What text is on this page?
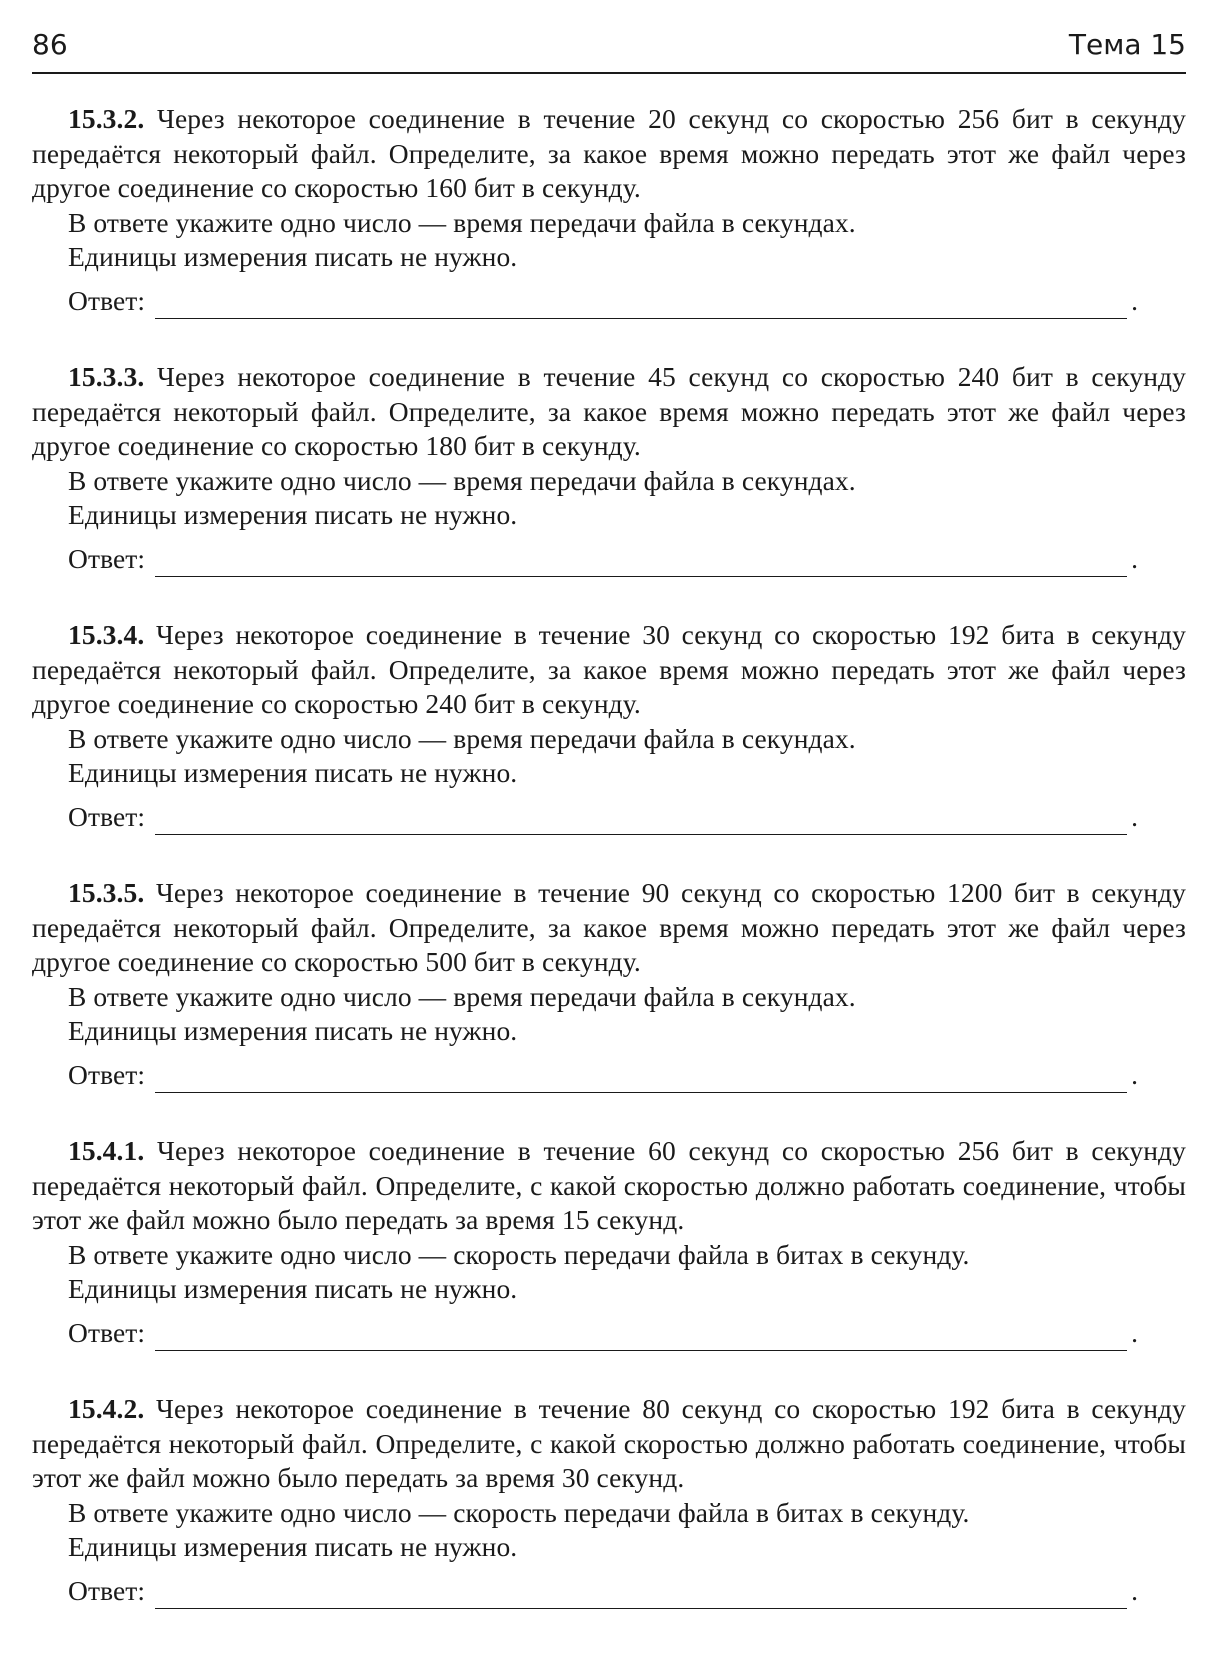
86	Тема 15

15.3.2. Через некоторое соединение в течение 20 секунд со скоростью 256 бит в секунду передаётся некоторый файл. Определите, за какое время можно передать этот же файл через другое соединение со скоростью 160 бит в секунду.

В ответе укажите одно число — время передачи файла в секундах.

Единицы измерения писать не нужно.

Ответ:	.

15.3.3. Через некоторое соединение в течение 45 секунд со скоростью 240 бит в секунду передаётся некоторый файл. Определите, за какое время можно передать этот же файл через другое соединение со скоростью 180 бит в секунду.

В ответе укажите одно число — время передачи файла в секундах.

Единицы измерения писать не нужно.

Ответ:	.

15.3.4. Через некоторое соединение в течение 30 секунд со скоростью 192 бита в секунду передаётся некоторый файл. Определите, за какое время можно передать этот же файл через другое соединение со скоростью 240 бит в секунду.

В ответе укажите одно число — время передачи файла в секундах.

Единицы измерения писать не нужно.

Ответ:	.

15.3.5. Через некоторое соединение в течение 90 секунд со скоростью 1200 бит в секунду передаётся некоторый файл. Определите, за какое время можно передать этот же файл через другое соединение со скоростью 500 бит в секунду.

В ответе укажите одно число — время передачи файла в секундах.

Единицы измерения писать не нужно.

Ответ:	.

15.4.1. Через некоторое соединение в течение 60 секунд со скоростью 256 бит в секунду передаётся некоторый файл. Определите, с какой скоростью должно работать соединение, чтобы этот же файл можно было передать за время 15 секунд.

В ответе укажите одно число — скорость передачи файла в битах в секунду.

Единицы измерения писать не нужно.

Ответ:	.

15.4.2. Через некоторое соединение в течение 80 секунд со скоростью 192 бита в секунду передаётся некоторый файл. Определите, с какой скоростью должно работать соединение, чтобы этот же файл можно было передать за время 30 секунд.

В ответе укажите одно число — скорость передачи файла в битах в секунду.

Единицы измерения писать не нужно.

Ответ:	.
